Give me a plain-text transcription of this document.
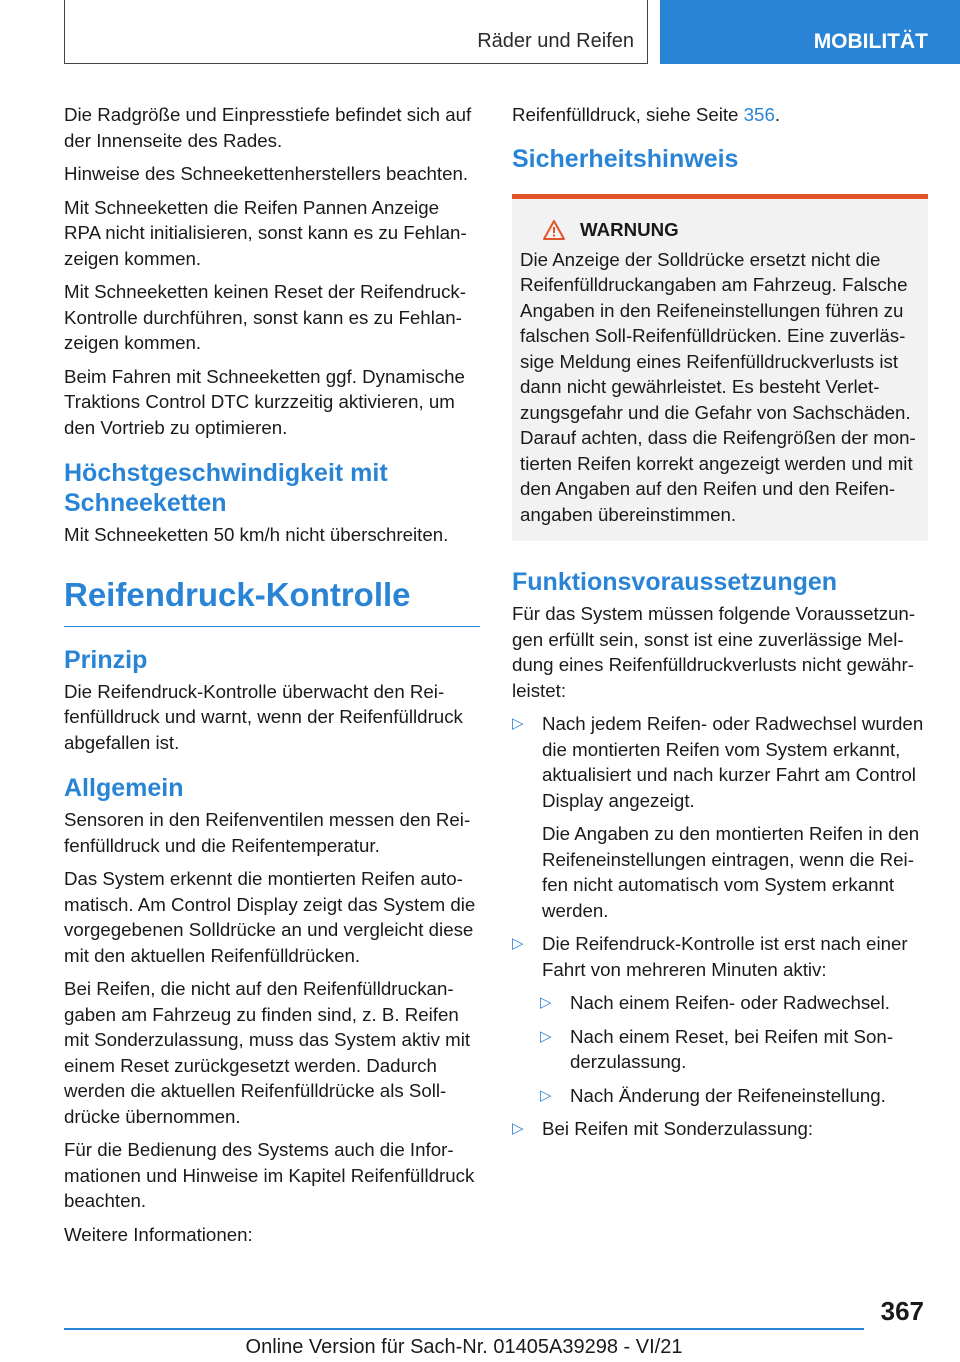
Räder und Reifen	MOBILITÄT

Die Radgröße und Einpresstiefe befindet sich auf der Innenseite des Rades.

Hinweise des Schneekettenherstellers beachten.

Mit Schneeketten die Reifen Pannen Anzeige RPA nicht initialisieren, sonst kann es zu Fehlanzeigen kommen.

Mit Schneeketten keinen Reset der Reifendruck-Kontrolle durchführen, sonst kann es zu Fehlanzeigen kommen.

Beim Fahren mit Schneeketten ggf. Dynamische Traktions Control DTC kurzzeitig aktivieren, um den Vortrieb zu optimieren.

Höchstgeschwindigkeit mit Schneeketten

Mit Schneeketten 50 km/h nicht überschreiten.

Reifendruck-Kontrolle
Prinzip

Die Reifendruck-Kontrolle überwacht den Reifenfülldruck und warnt, wenn der Reifenfülldruck abgefallen ist.

Allgemein

Sensoren in den Reifenventilen messen den Reifenfülldruck und die Reifentemperatur.

Das System erkennt die montierten Reifen automatisch. Am Control Display zeigt das System die vorgegebenen Solldrücke an und vergleicht diese mit den aktuellen Reifenfülldrücken.

Bei Reifen, die nicht auf den Reifenfülldruckangaben am Fahrzeug zu finden sind, z. B. Reifen mit Sonderzulassung, muss das System aktiv mit einem Reset zurückgesetzt werden. Dadurch werden die aktuellen Reifenfülldrücke als Solldrücke übernommen.

Für die Bedienung des Systems auch die Informationen und Hinweise im Kapitel Reifenfülldruck beachten.

Weitere Informationen:

Reifenfülldruck, siehe Seite 356.

Sicherheitshinweis
WARNUNG

Die Anzeige der Solldrücke ersetzt nicht die Reifenfülldruckangaben am Fahrzeug. Falsche Angaben in den Reifeneinstellungen führen zu falschen Soll-Reifenfülldrücken. Eine zuverlässige Meldung eines Reifenfülldruckverlusts ist dann nicht gewährleistet. Es besteht Verletzungsgefahr und die Gefahr von Sachschäden. Darauf achten, dass die Reifengrößen der montierten Reifen korrekt angezeigt werden und mit den Angaben auf den Reifen und den Reifenangaben übereinstimmen.

Funktionsvoraussetzungen

Für das System müssen folgende Voraussetzungen erfüllt sein, sonst ist eine zuverlässige Meldung eines Reifenfülldruckverlusts nicht gewährleistet:

▷ Nach jedem Reifen- oder Radwechsel wurden die montierten Reifen vom System erkannt, aktualisiert und nach kurzer Fahrt am Control Display angezeigt.

Die Angaben zu den montierten Reifen in den Reifeneinstellungen eintragen, wenn die Reifen nicht automatisch vom System erkannt werden.

▷ Die Reifendruck-Kontrolle ist erst nach einer Fahrt von mehreren Minuten aktiv:

▷ Nach einem Reifen- oder Radwechsel.

▷ Nach einem Reset, bei Reifen mit Sonderzulassung.

▷ Nach Änderung der Reifeneinstellung.

▷ Bei Reifen mit Sonderzulassung:

367
Online Version für Sach-Nr. 01405A39298 - VI/21
